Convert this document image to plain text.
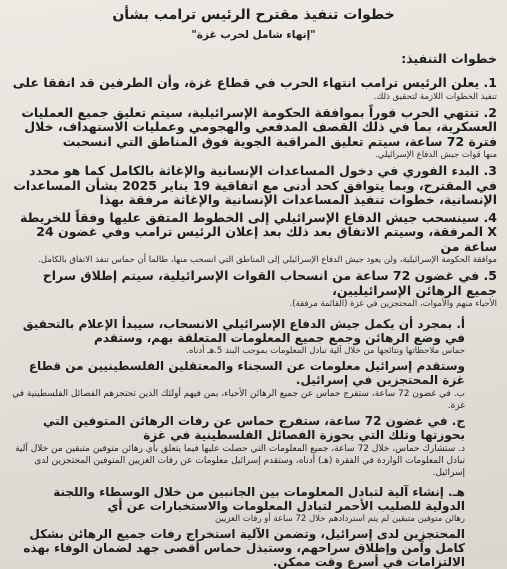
خطوات تنفيذ مقترح الرئيس ترامب بشأن
"إنهاء شامل لحرب غزة"
خطوات التنفيذ:

1. يعلن الرئيس ترامب انتهاء الحرب في قطاع غزة، وأن الطرفين قد اتفقا على

تنفيذ الخطوات اللازمة لتحقيق ذلك.

2. تنتهي الحرب فوراً بموافقة الحكومة الإسرائيلية، سيتم تعليق جميع العمليات العسكرية، بما في ذلك القصف المدفعي والهجومي وعمليات الاستهداف، خلال فترة 72 ساعة، سيتم تعليق المراقبة الجوية فوق المناطق التي انسحبت

منها قوات جيش الدفاع الإسرائيلي.

3. البدء الفوري في دخول المساعدات الإنسانية والإغاثة بالكامل كما هو محدد في المقترح، وبما يتوافق كحد أدنى مع اتفاقية 19 يناير 2025 بشأن المساعدات الإنسانية، خطوات تنفيذ المساعدات الإنسانية والإغاثة مرفقة بهذا

4. سينسحب جيش الدفاع الإسرائيلي إلى الخطوط المتفق عليها وفقاً للخريطة X المرفقة، وسيتم الاتفاق بعد ذلك بعد إعلان الرئيس ترامب وفي غضون 24 ساعة من

موافقة الحكومة الإسرائيلية، ولن يعود جيش الدفاع الإسرائيلي إلى المناطق التي انسحب منها، طالما أن حماس تنفذ الاتفاق بالكامل.

5. في غضون 72 ساعة من انسحاب القوات الإسرائيلية، سيتم إطلاق سراح جميع الرهائن الإسرائيليين،

الأحياء منهم والأموات، المحتجزين في غزة (القائمة مرفقة).

أ. بمجرد أن يكمل جيش الدفاع الإسرائيلي الانسحاب، سيبدأ الإعلام بالتحقيق في وضع الرهائن وجمع جميع المعلومات المتعلقة بهم، وستقدم

حماس ملاحظاتها ونتائجها من خلال آلية تبادل المعلومات بموجب البند 5.هـ أدناه.

وستقدم إسرائيل معلومات عن السجناء والمعتقلين الفلسطينيين من قطاع غزة المحتجزين في إسرائيل.

ب. في غضون 72 ساعة، ستفرج حماس عن جميع الرهائن الأحياء، بمن فيهم أولئك الذين تحتجزهم الفصائل الفلسطينية في غزة.

ج. في غضون 72 ساعة، ستفرج حماس عن رفات الرهائن المتوفين التي بحوزتها وتلك التي بحوزة الفصائل الفلسطينية في غزة

د. ستشارك حماس، خلال 72 ساعة، جميع المعلومات التي حصلت عليها فيما يتعلق بأي رهائن متوفين متبقين من خلال آلية تبادل المعلومات الواردة في الفقرة (هـ) أدناه، وستقدم إسرائيل معلومات عن رفات الغزيين المتوفين المحتجزين لدى إسرائيل.

هـ. إنشاء آلية لتبادل المعلومات بين الجانبين من خلال الوسطاء واللجنة الدولية للصليب الأحمر لتبادل المعلومات والاستخبارات عن أي

رهائن متوفين متبقين لم يتم استردادهم خلال 72 ساعة أو رفات الغزيين

المحتجزين لدى إسرائيل، وتضمن الآلية استخراج رفات جميع الرهائن بشكل كامل وآمن وإطلاق سراحهم، وستبذل حماس أقصى جهد لضمان الوفاء بهذه الالتزامات في أسرع وقت ممكن.
